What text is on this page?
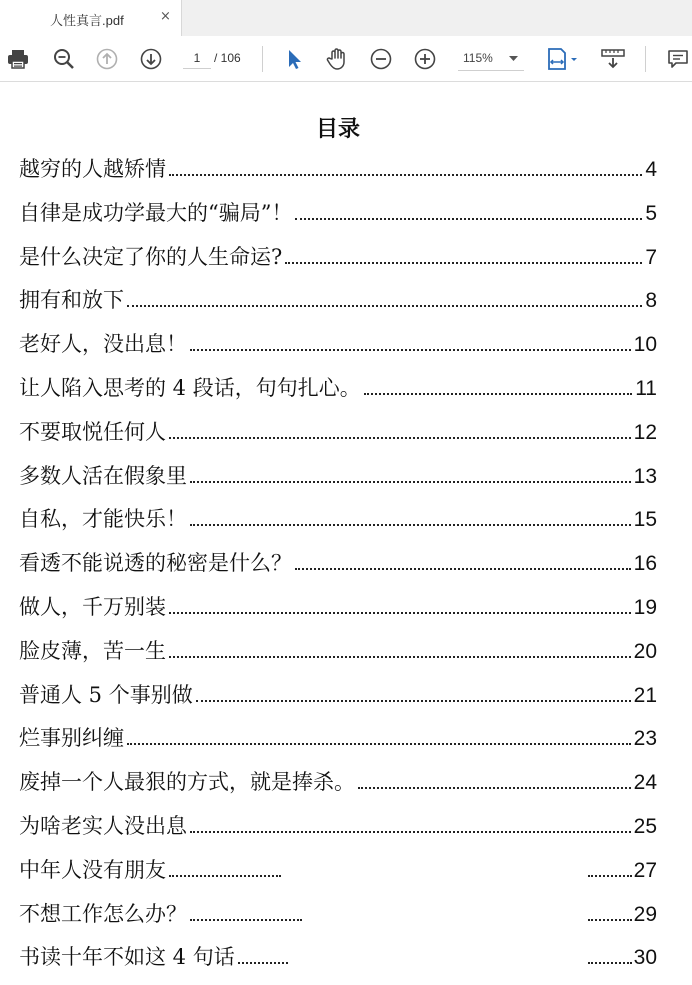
人性真言.pdf	×
1
/ 106	115%
目录
越穷的人越矫情	4
自律是成功学最大的“骗局”！	5
是什么决定了你的人生命运?	7
拥有和放下	8
老好人，没出息！	10
让人陷入思考的 4 段话，句句扎心。	11
不要取悦任何人	12
多数人活在假象里	13
自私，才能快乐！	15
看透不能说透的秘密是什么？	16
做人，千万别装	19
脸皮薄，苦一生	20
普通人 5 个事别做	21
烂事别纠缠	23
废掉一个人最狠的方式，就是捧杀。	24
为啥老实人没出息	25
中年人没有朋友	27
不想工作怎么办？	29
书读十年不如这 4 句话	30
